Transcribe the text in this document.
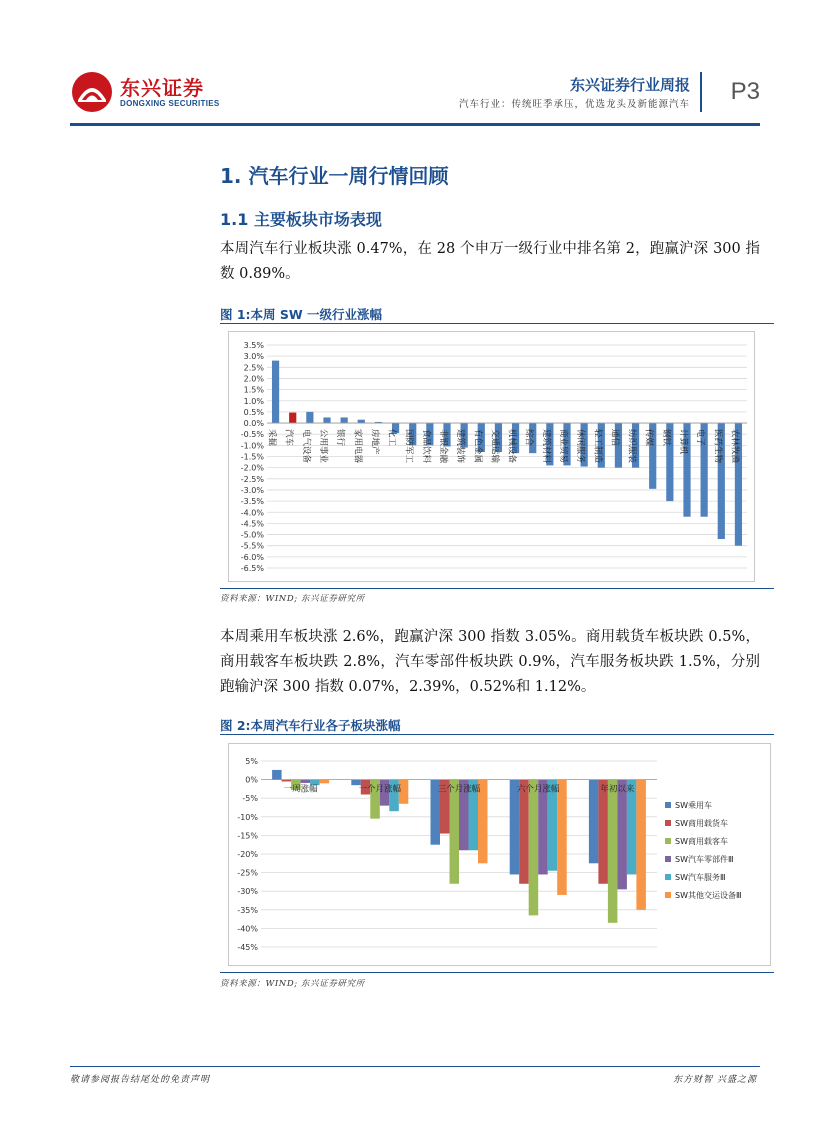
东兴证券
DONGXING SECURITIES
东兴证券行业周报
汽车行业：传统旺季承压，优选龙头及新能源汽车 P3
1. 汽车行业一周行情回顾
1.1 主要板块市场表现
本周汽车行业板块涨 0.47%，在 28 个申万一级行业中排名第 2，跑赢沪深 300 指数 0.89%。
图 1:本周 SW 一级行业涨幅
3.5%
3.0%
2.5%
2.0%
1.5%
1.0%
0.5%
0.0%
-0.5%
-1.0%
-1.5%
-2.0%
-2.5%
-3.0%
-3.5%
-4.0%
-4.5%
-5.0%
-5.5%
-6.0%
-6.5%
采掘 汽车 电气设备 公用事业 银行 家用电器 房地产 化工 国防军工 食品饮料 非银金融 建筑装饰 有色金属 交通运输 机械设备 综合 建筑材料 商业贸易 休闲服务 轻工制造 通信 纺织服装 传媒 钢铁 计算机 电子 医药生物 农林牧渔
资料来源：WIND; 东兴证券研究所
本周乘用车板块涨 2.6%，跑赢沪深 300 指数 3.05%。商用载货车板块跌 0.5%，商用载客车板块跌 2.8%，汽车零部件板块跌 0.9%，汽车服务板块跌 1.5%，分别跑输沪深 300 指数 0.07%，2.39%，0.52%和 1.12%。
图 2:本周汽车行业各子板块涨幅
5%
0%
-5%
-10%
-15%
-20%
-25%
-30%
-35%
-40%
-45%
一周涨幅	一个月涨幅	三个月涨幅	六个月涨幅	年初以来
SW乘用车
SW商用载货车
SW商用载客车
SW汽车零部件Ⅲ
SW汽车服务Ⅲ
SW其他交运设备Ⅲ
资料来源：WIND; 东兴证券研究所
敬请参阅报告结尾处的免责声明	东方财智 兴盛之源
